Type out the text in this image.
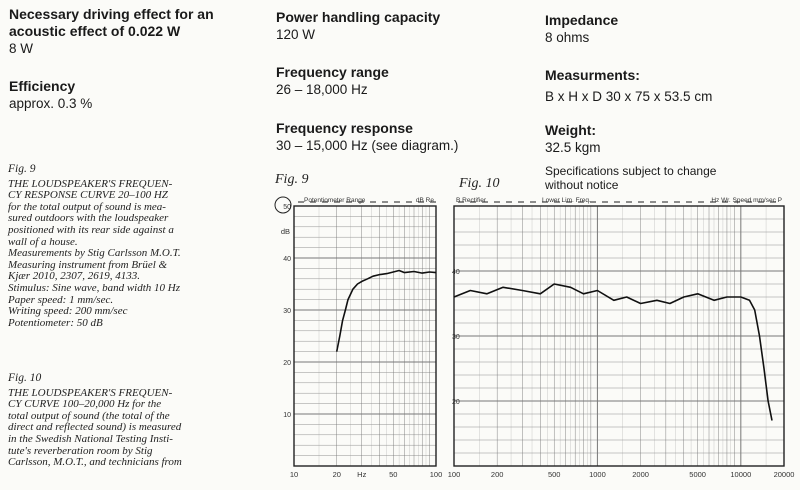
Necessary driving effect for an
acoustic effect of 0.022 W
8 W
Efficiency
approx. 0.3 %
Power handling capacity
120 W
Frequency range
26 – 18,000 Hz
Frequency response
30 – 15,000 Hz (see diagram.)
Impedance
8 ohms
Measurments:
B x H x D 30 x 75 x 53.5 cm
Weight:
32.5 kgm
Specifications subject to change
without notice
Fig. 9
THE LOUDSPEAKER'S FREQUEN-
CY RESPONSE CURVE 20–100 HZ
for the total output of sound is mea-
sured outdoors with the loudspeaker
positioned with its rear side against a
wall of a house.
Measurements by Stig Carlsson M.O.T.
Measuring instrument from Brüel &
Kjær 2010, 2307, 2619, 4133.
Stimulus: Sine wave, band width 10 Hz
Paper speed: 1 mm/sec.
Writing speed: 200 mm/sec
Potentiometer: 50 dB
Fig. 10
THE LOUDSPEAKER'S FREQUEN-
CY CURVE 100–20,000 Hz for the
total output of sound (the total of the
direct and reflected sound) is measured
in the Swedish National Testing Insti-
tute's reverberation room by Stig
Carlsson, M.O.T., and technicians from
Fig. 9	Fig. 10
10	20 Hz	50	100
Potentiometer Range	dB Re
dB
50
40
30
20
10
100	200	500	1000	2000	5000	10000	20000
B Rectifier	Lower Lim. Freq.	Hz Wr. Speed mm/sec P
40
30
20
